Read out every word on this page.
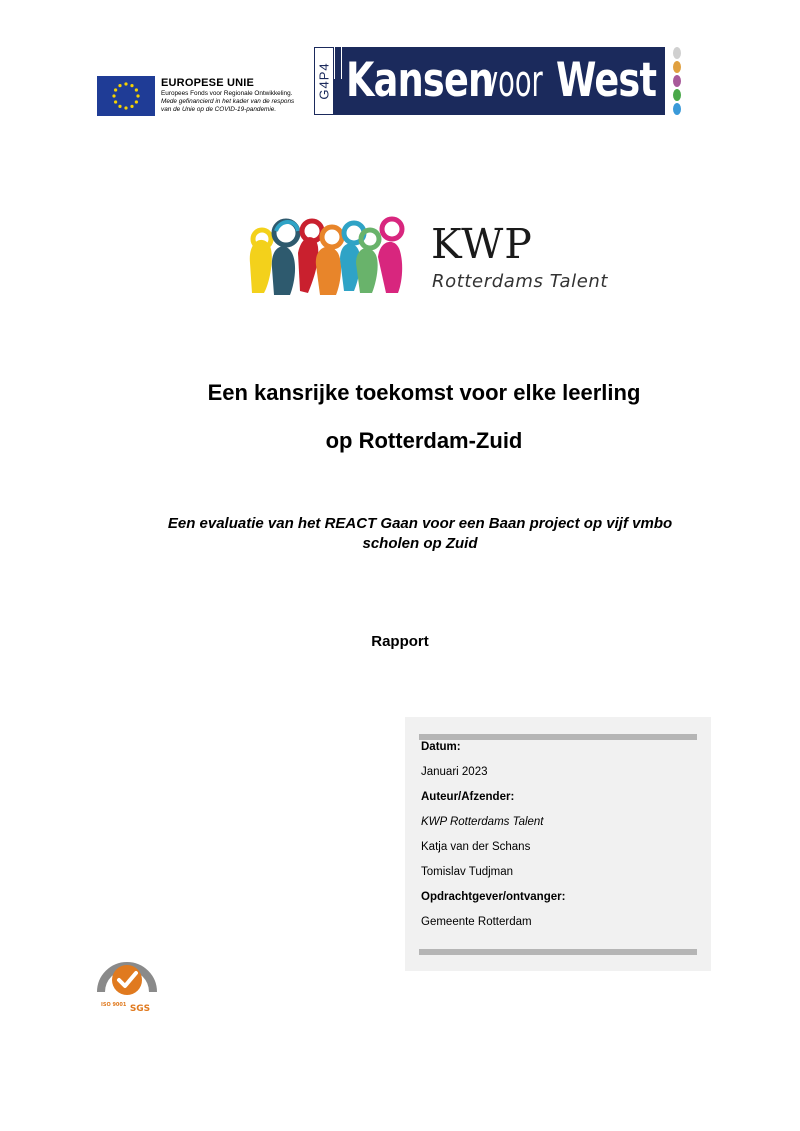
EUROPESE UNIE
Europees Fonds voor Regionale Ontwikkeling.
Mede gefinancierd in het kader van de respons
van de Unie op de COVID-19-pandemie.
G4P4 Kansen
voor West
KWP
Rotterdams Talent
Een kansrijke toekomst voor elke leerling
op Rotterdam-Zuid
Een evaluatie van het REACT Gaan voor een Baan project op vijf vmbo
scholen op Zuid
Rapport
Datum:
Januari 2023
Auteur/Afzender:
KWP Rotterdams Talent
Katja van der Schans
Tomislav Tudjman
Opdrachtgever/ontvanger:
Gemeente Rotterdam
SGS
ISO 9001
SYSTEM CERTIFICATION
